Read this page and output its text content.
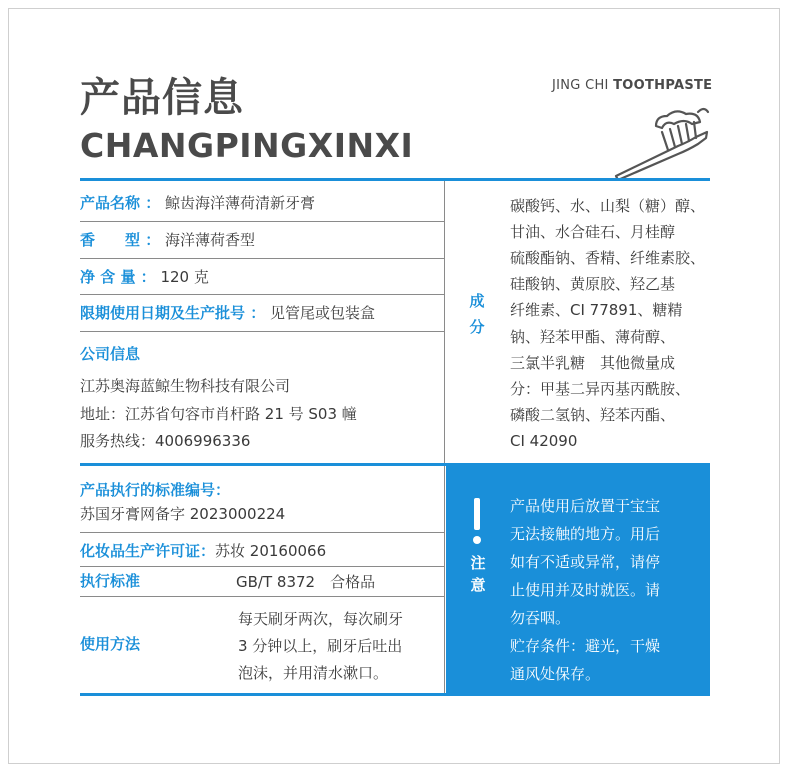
产品信息
CHANGPINGXINXI
JING CHI TOOTHPASTE
产品名称 ： 鲸齿海洋薄荷清新牙膏
香　　型 ： 海洋薄荷香型
净 含 量 ： 120 克
限期使用日期及生产批号 ： 见管尾或包装盒
公司信息
江苏奥海蓝鲸生物科技有限公司
地址：江苏省句容市肖杆路 21 号 S03 幢
服务热线：4006996336
成分
碳酸钙、水、山梨（糖）醇、
甘油、水合硅石、月桂醇
硫酸酯钠、香精、纤维素胶、
硅酸钠、黄原胶、羟乙基
纤维素、CI 77891、糖精
钠、羟苯甲酯、薄荷醇、
三氯半乳糖　其他微量成
分：甲基二异丙基丙酰胺、
磷酸二氢钠、羟苯丙酯、
CI 42090
产品执行的标准编号：
苏国牙膏网备字 2023000224
化妆品生产许可证：苏妆 20160066
执行标准	GB/T 8372　合格品
使用方法
每天刷牙两次，每次刷牙
3 分钟以上，刷牙后吐出
泡沫，并用清水漱口。
注意
产品使用后放置于宝宝
无法接触的地方。用后
如有不适或异常，请停
止使用并及时就医。请
勿吞咽。
贮存条件：避光，干燥
通风处保存。
